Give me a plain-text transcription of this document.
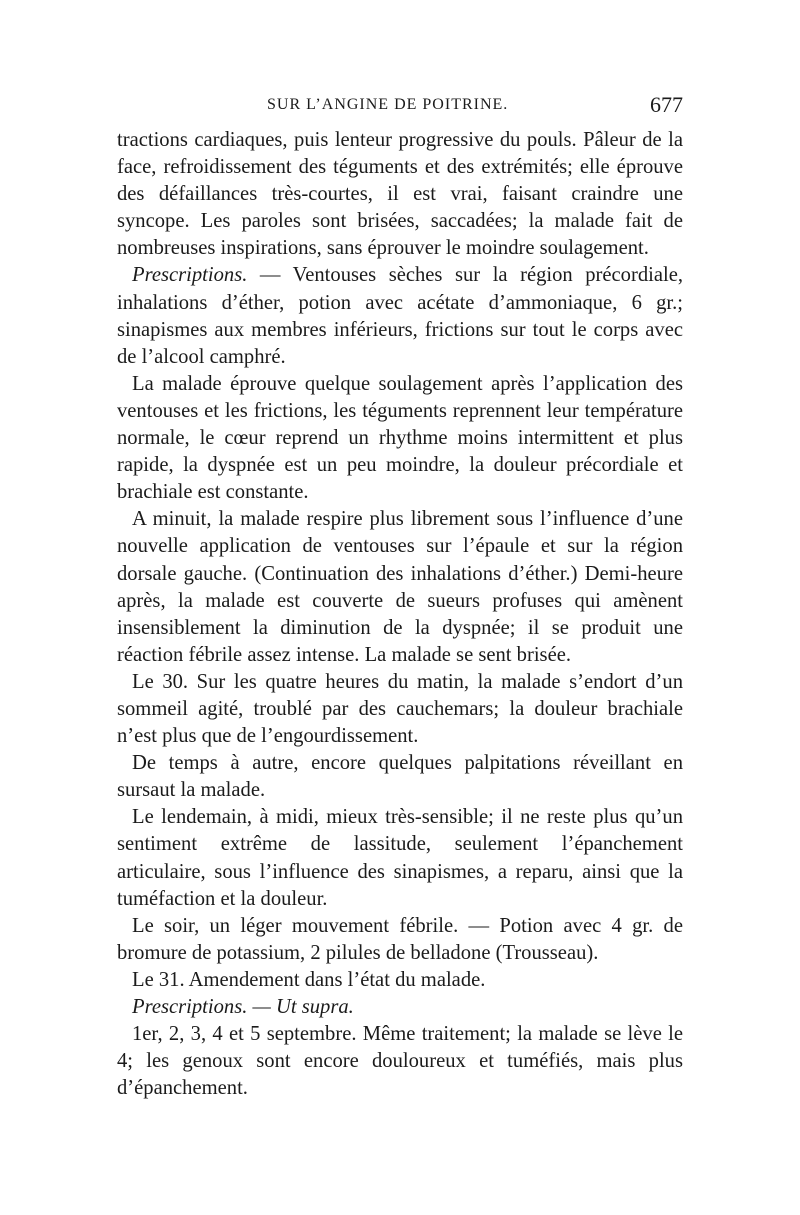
SUR L’ANGINE DE POITRINE.	677

tractions cardiaques, puis lenteur progressive du pouls. Pâleur de la face, refroidissement des téguments et des extrémités; elle éprouve des défaillances très-courtes, il est vrai, faisant craindre une syncope. Les paroles sont brisées, saccadées; la malade fait de nombreuses inspirations, sans éprouver le moindre soulagement.

Prescriptions. — Ventouses sèches sur la région précordiale, inhalations d’éther, potion avec acétate d’ammoniaque, 6 gr.; sinapismes aux membres inférieurs, frictions sur tout le corps avec de l’alcool camphré.

La malade éprouve quelque soulagement après l’application des ventouses et les frictions, les téguments reprennent leur température normale, le cœur reprend un rhythme moins intermittent et plus rapide, la dyspnée est un peu moindre, la douleur précordiale et brachiale est constante.

A minuit, la malade respire plus librement sous l’influence d’une nouvelle application de ventouses sur l’épaule et sur la région dorsale gauche. (Continuation des inhalations d’éther.) Demi-heure après, la malade est couverte de sueurs profuses qui amènent insensiblement la diminution de la dyspnée; il se produit une réaction fébrile assez intense. La malade se sent brisée.

Le 30. Sur les quatre heures du matin, la malade s’endort d’un sommeil agité, troublé par des cauchemars; la douleur brachiale n’est plus que de l’engourdissement.

De temps à autre, encore quelques palpitations réveillant en sursaut la malade.

Le lendemain, à midi, mieux très-sensible; il ne reste plus qu’un sentiment extrême de lassitude, seulement l’épanchement articulaire, sous l’influence des sinapismes, a reparu, ainsi que la tuméfaction et la douleur.

Le soir, un léger mouvement fébrile. — Potion avec 4 gr. de bromure de potassium, 2 pilules de belladone (Trousseau).

Le 31. Amendement dans l’état du malade.

Prescriptions. — Ut supra.

1er, 2, 3, 4 et 5 septembre. Même traitement; la malade se lève le 4; les genoux sont encore douloureux et tuméfiés, mais plus d’épanchement.
